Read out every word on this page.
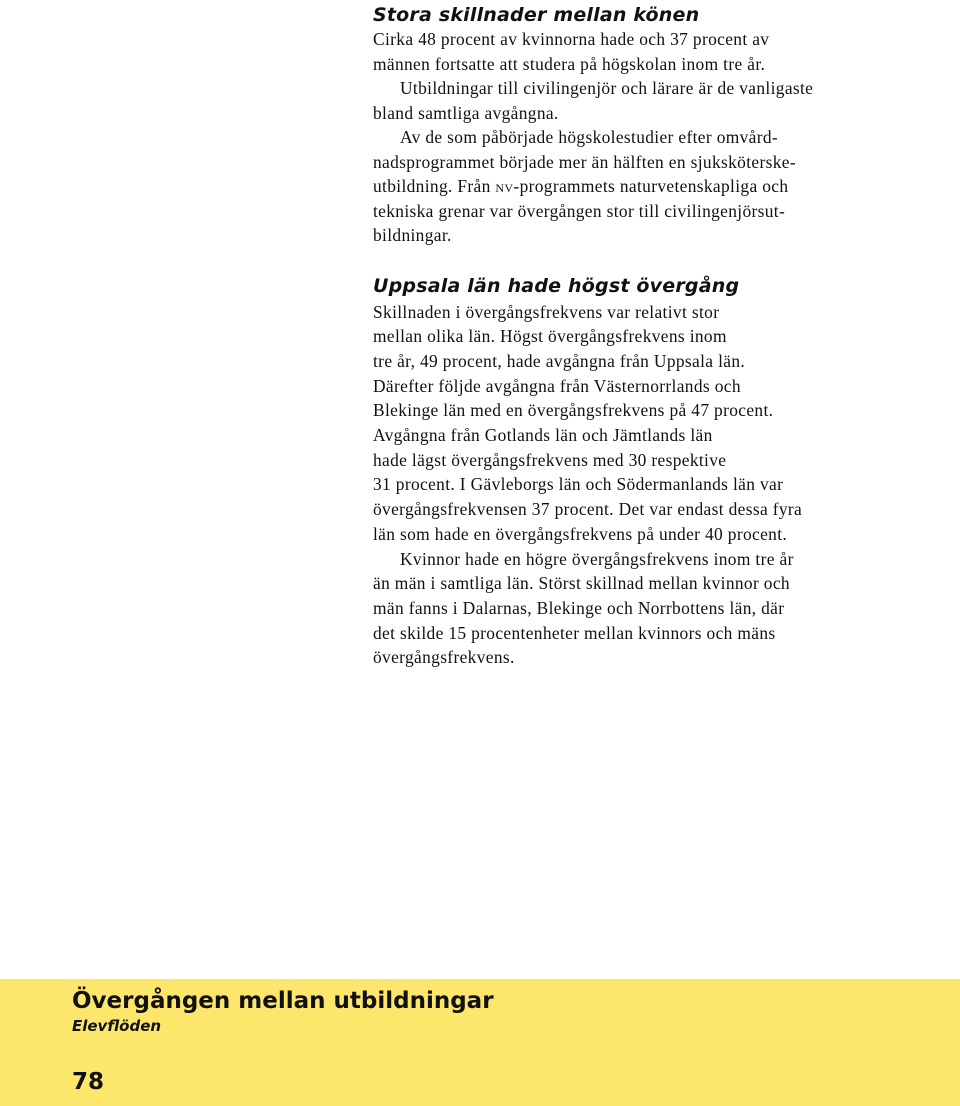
Stora skillnader mellan könen

Cirka 48 procent av kvinnorna hade och 37 procent av
männen fortsatte att studera på högskolan inom tre år.
Utbildningar till civilingenjör och lärare är de vanligaste
bland samtliga avgångna.

Av de som påbörjade högskolestudier efter omvård-
nadsprogrammet började mer än hälften en sjuksköterske-
utbildning. Från nv-programmets naturvetenskapliga och
tekniska grenar var övergången stor till civilingenjörsut-
bildningar.

Uppsala län hade högst övergång

Skillnaden i övergångsfrekvens var relativt stor
mellan olika län. Högst övergångsfrekvens inom
tre år, 49 procent, hade avgångna från Uppsala län.
Därefter följde avgångna från Västernorrlands och
Blekinge län med en övergångsfrekvens på 47 procent.
Avgångna från Gotlands län och Jämtlands län
hade lägst övergångsfrekvens med 30 respektive
31 procent. I Gävleborgs län och Södermanlands län var
övergångsfrekvensen 37 procent. Det var endast dessa fyra
län som hade en övergångsfrekvens på under 40 procent.

Kvinnor hade en högre övergångsfrekvens inom tre år
än män i samtliga län. Störst skillnad mellan kvinnor och
män fanns i Dalarnas, Blekinge och Norrbottens län, där
det skilde 15 procentenheter mellan kvinnors och mäns
övergångsfrekvens.

Övergången mellan utbildningar
Elevflöden
78
